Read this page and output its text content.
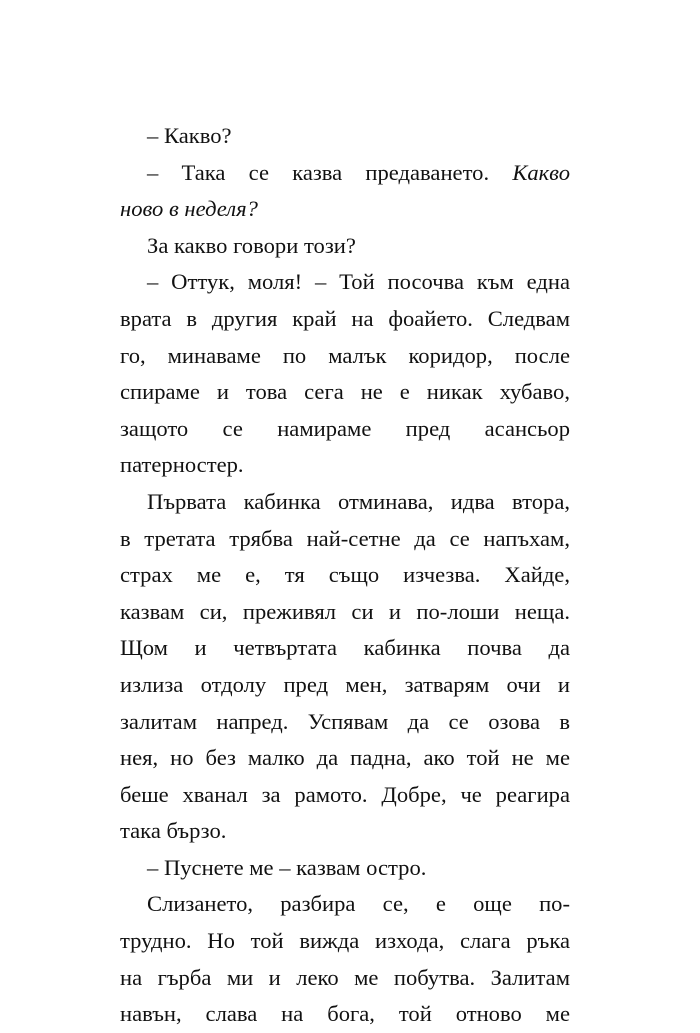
– Какво?
– Така се казва предаването. Какво
ново в неделя?
За какво говори този?
– Оттук, моля! – Той посочва към една
врата в другия край на фоайето. Следвам
го, минаваме по малък коридор, после
спираме и това сега не е никак хубаво,
защото се намираме пред асансьор
патерностер.
Първата кабинка отминава, идва втора,
в третата трябва най-сетне да се напъхам,
страх ме е, тя също изчезва. Хайде,
казвам си, преживял си и по-лоши неща.
Щом и четвъртата кабинка почва да
излиза отдолу пред мен, затварям очи и
залитам напред. Успявам да се озова в
нея, но без малко да падна, ако той не ме
беше хванал за рамото. Добре, че реагира
така бързо.
– Пуснете ме – казвам остро.
Слизането, разбира се, е още по-
трудно. Но той вижда изхода, слага ръка
на гърба ми и леко ме побутва. Залитам
навън, слава на бога, той отново ме
